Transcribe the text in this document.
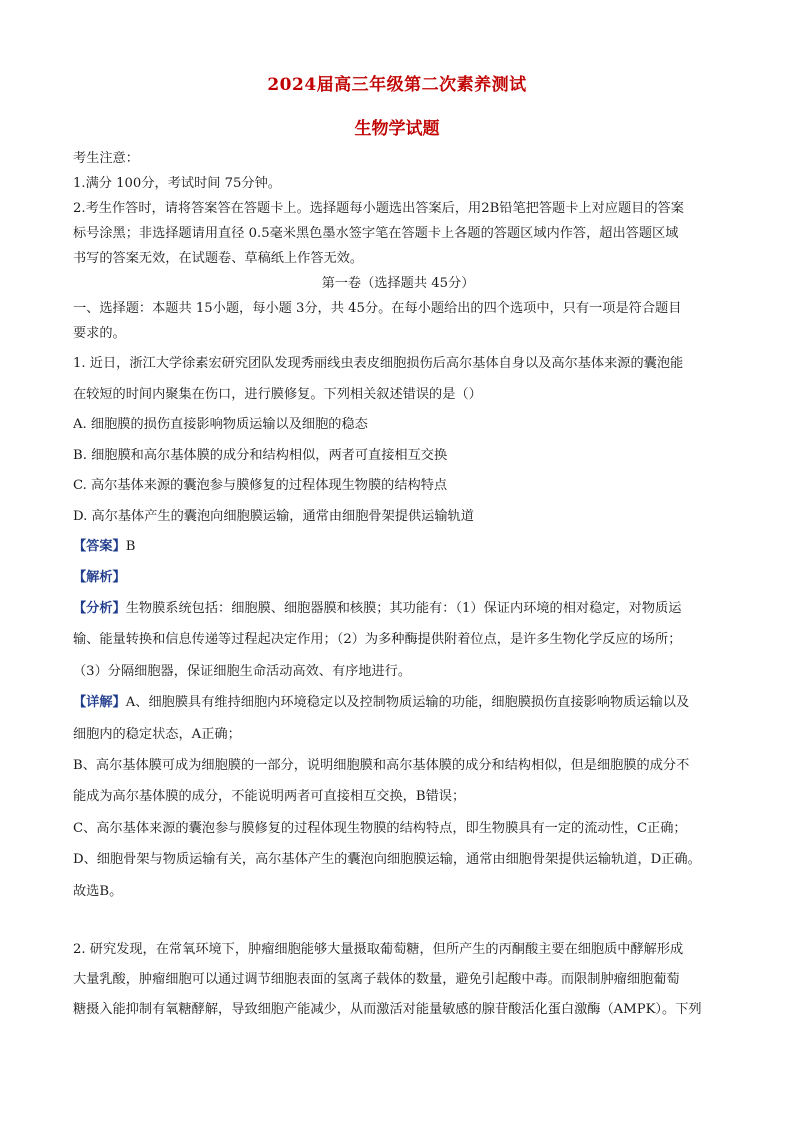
2024届高三年级第二次素养测试
生物学试题
考生注意：
1.满分 100分，考试时间 75分钟。
2.考生作答时，请将答案答在答题卡上。选择题每小题选出答案后，用2B铅笔把答题卡上对应题目的答案
标号涂黑；非选择题请用直径 0.5毫米黑色墨水签字笔在答题卡上各题的答题区域内作答，超出答题区域
书写的答案无效，在试题卷、草稿纸上作答无效。
第一卷（选择题共 45分）
一、选择题：本题共 15小题，每小题 3分，共 45分。在每小题给出的四个选项中，只有一项是符合题目
要求的。
1. 近日，浙江大学徐素宏研究团队发现秀丽线虫表皮细胞损伤后高尔基体自身以及高尔基体来源的囊泡能
在较短的时间内聚集在伤口，进行膜修复。下列相关叙述错误的是（）
A. 细胞膜的损伤直接影响物质运输以及细胞的稳态
B. 细胞膜和高尔基体膜的成分和结构相似，两者可直接相互交换
C. 高尔基体来源的囊泡参与膜修复的过程体现生物膜的结构特点
D. 高尔基体产生的囊泡向细胞膜运输，通常由细胞骨架提供运输轨道
【答案】B
【解析】
【分析】生物膜系统包括：细胞膜、细胞器膜和核膜；其功能有：（1）保证内环境的相对稳定，对物质运
输、能量转换和信息传递等过程起决定作用；（2）为多种酶提供附着位点，是许多生物化学反应的场所；
（3）分隔细胞器，保证细胞生命活动高效、有序地进行。
【详解】A、细胞膜具有维持细胞内环境稳定以及控制物质运输的功能，细胞膜损伤直接影响物质运输以及
细胞内的稳定状态，A正确；
B、高尔基体膜可成为细胞膜的一部分，说明细胞膜和高尔基体膜的成分和结构相似，但是细胞膜的成分不
能成为高尔基体膜的成分，不能说明两者可直接相互交换，B错误；
C、高尔基体来源的囊泡参与膜修复的过程体现生物膜的结构特点，即生物膜具有一定的流动性，C正确；
D、细胞骨架与物质运输有关，高尔基体产生的囊泡向细胞膜运输，通常由细胞骨架提供运输轨道，D正确。
故选B。
2. 研究发现，在常氧环境下，肿瘤细胞能够大量摄取葡萄糖，但所产生的丙酮酸主要在细胞质中酵解形成
大量乳酸，肿瘤细胞可以通过调节细胞表面的氢离子载体的数量，避免引起酸中毒。而限制肿瘤细胞葡萄
糖摄入能抑制有氧糖酵解，导致细胞产能减少，从而激活对能量敏感的腺苷酸活化蛋白激酶（AMPK）。下列
